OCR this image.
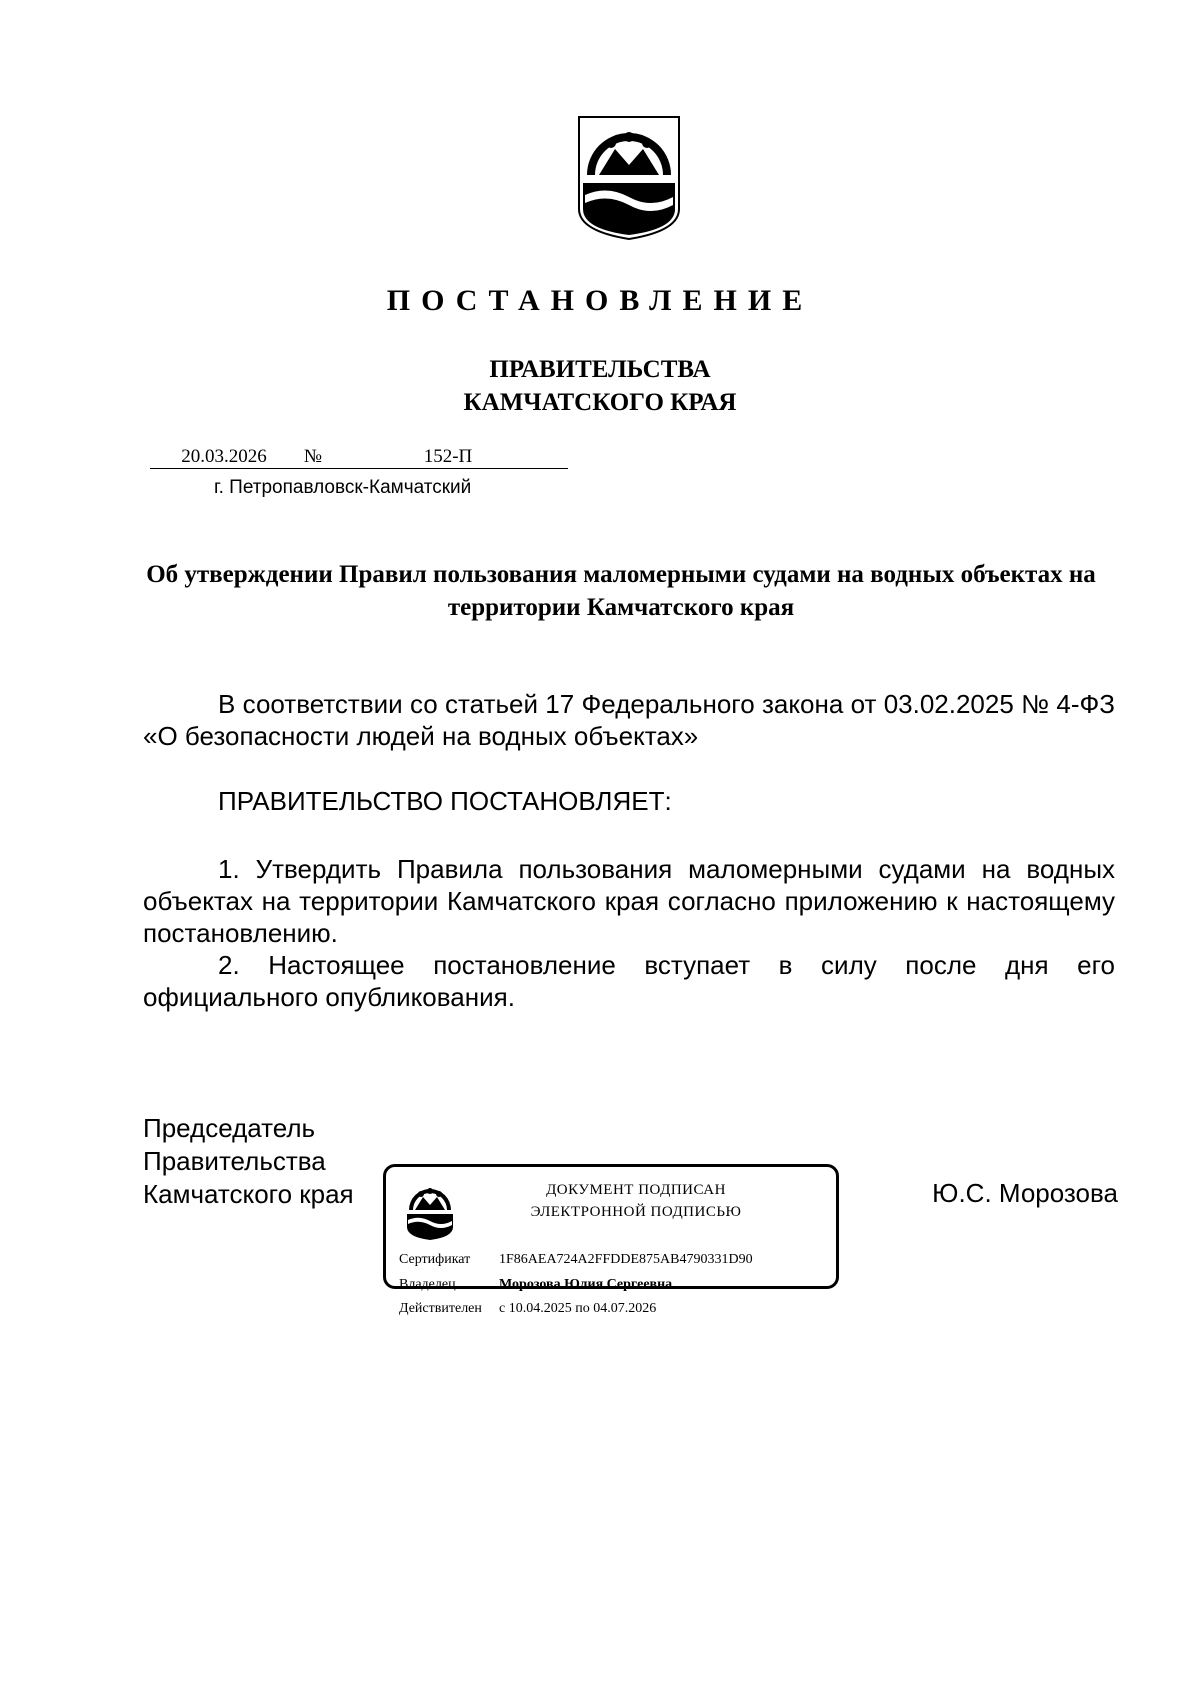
ПОСТАНОВЛЕНИЕ
ПРАВИТЕЛЬСТВА
КАМЧАТСКОГО КРАЯ
20.03.2026 №	152-П
г. Петропавловск-Камчатский
Об утверждении Правил пользования маломерными судами на водных объектах на территории Камчатского края

В соответствии со статьей 17 Федерального закона от 03.02.2025 № 4-ФЗ «О безопасности людей на водных объектах»

ПРАВИТЕЛЬСТВО ПОСТАНОВЛЯЕТ:

1. Утвердить Правила пользования маломерными судами на водных объектах на территории Камчатского края согласно приложению к настоящему постановлению.

2. Настоящее постановление вступает в силу после дня его официального опубликования.

Председатель
Правительства
Камчатского края	Ю.С. Морозова
ДОКУМЕНТ ПОДПИСАН
ЭЛЕКТРОННОЙ ПОДПИСЬЮ
Сертификат 1F86AEA724A2FFDDE875AB4790331D90
Владелец	Морозова Юлия Сергеевна
Действителен с 10.04.2025 по 04.07.2026
